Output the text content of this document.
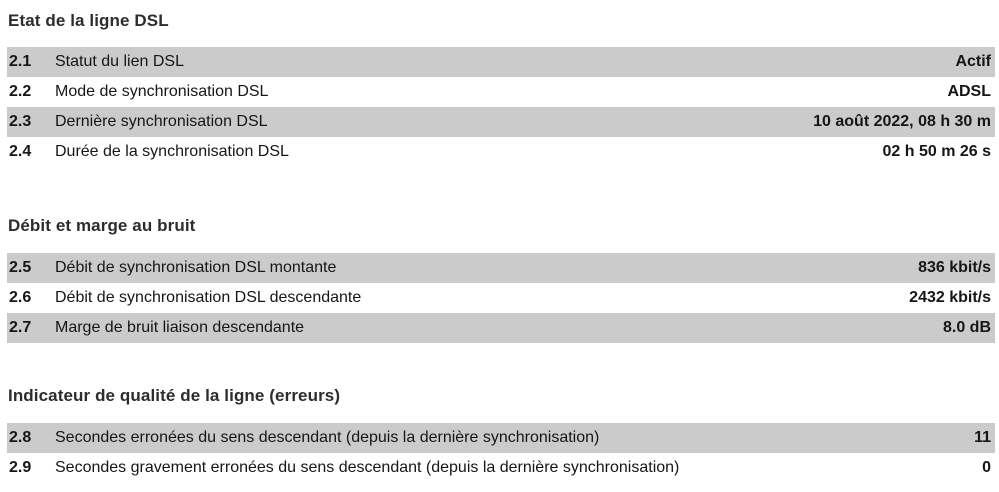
Etat de la ligne DSL
2.1	Statut du lien DSL	Actif
2.2	Mode de synchronisation DSL	ADSL
2.3	Dernière synchronisation DSL	10 août 2022, 08 h 30 m
2.4	Durée de la synchronisation DSL	02 h 50 m 26 s
Débit et marge au bruit
2.5	Débit de synchronisation DSL montante	836 kbit/s
2.6	Débit de synchronisation DSL descendante	2432 kbit/s
2.7	Marge de bruit liaison descendante	8.0 dB
Indicateur de qualité de la ligne (erreurs)
2.8	Secondes erronées du sens descendant (depuis la dernière synchronisation)	11
2.9	Secondes gravement erronées du sens descendant (depuis la dernière synchronisation)	0
